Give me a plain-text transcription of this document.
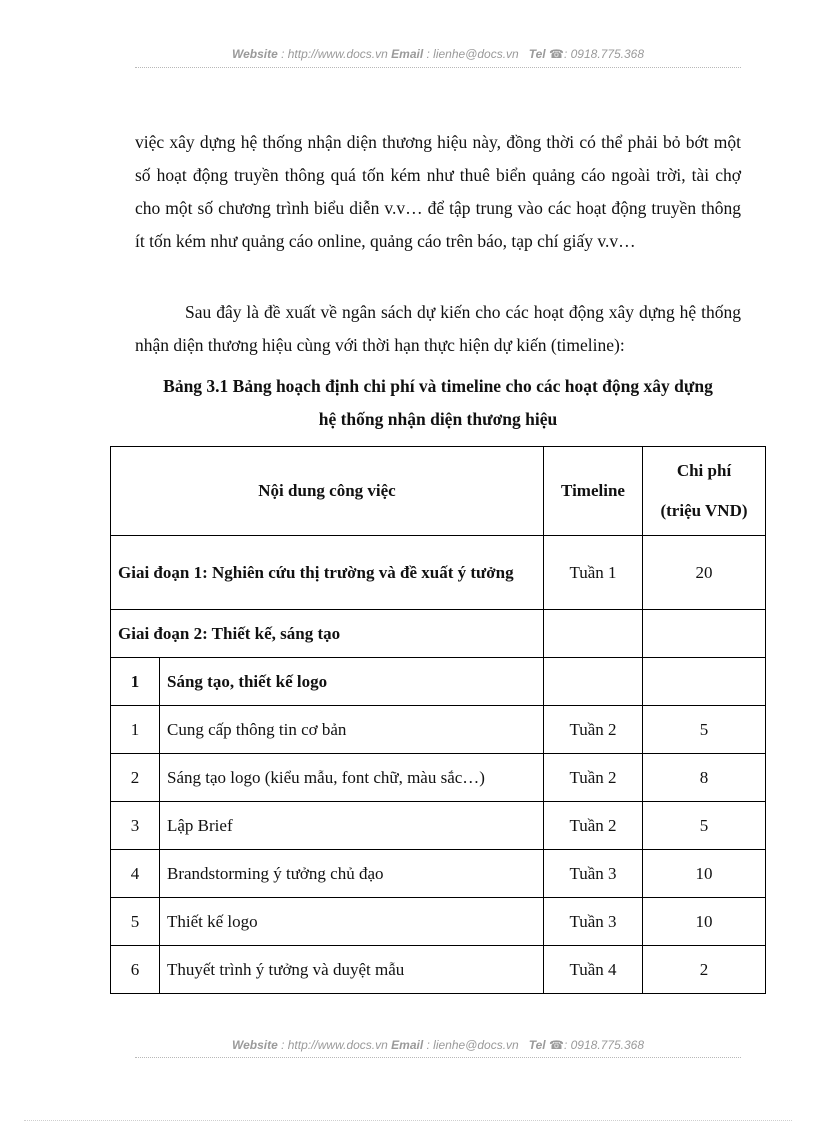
Website : http://www.docs.vn Email : lienhe@docs.vn Tel ☎: 0918.775.368

việc xây dựng hệ thống nhận diện thương hiệu này, đồng thời có thể phải bỏ bớt một số hoạt động truyền thông quá tốn kém như thuê biển quảng cáo ngoài trời, tài chợ cho một số chương trình biểu diễn v.v… để tập trung vào các hoạt động truyền thông ít tốn kém như quảng cáo online, quảng cáo trên báo, tạp chí giấy v.v…

Sau đây là đề xuất về ngân sách dự kiến cho các hoạt động xây dựng hệ thống nhận diện thương hiệu cùng với thời hạn thực hiện dự kiến (timeline):

Bảng 3.1 Bảng hoạch định chi phí và timeline cho các hoạt động xây dựng
hệ thống nhận diện thương hiệu

Nội dung công việc		Timeline	Chi phí
(triệu VND)
Giai đoạn 1: Nghiên cứu thị trường và đề xuất ý tưởng		Tuần 1	20
Giai đoạn 2: Thiết kế, sáng tạo			
1	Sáng tạo, thiết kế logo		
1	Cung cấp thông tin cơ bản	Tuần 2	5
2	Sáng tạo logo (kiểu mẫu, font chữ, màu sắc…)	Tuần 2	8
3	Lập Brief	Tuần 2	5
4	Brandstorming ý tưởng chủ đạo	Tuần 3	10
5	Thiết kế logo	Tuần 3	10
6	Thuyết trình ý tưởng và duyệt mẫu	Tuần 4	2
Website : http://www.docs.vn Email : lienhe@docs.vn Tel ☎: 0918.775.368
